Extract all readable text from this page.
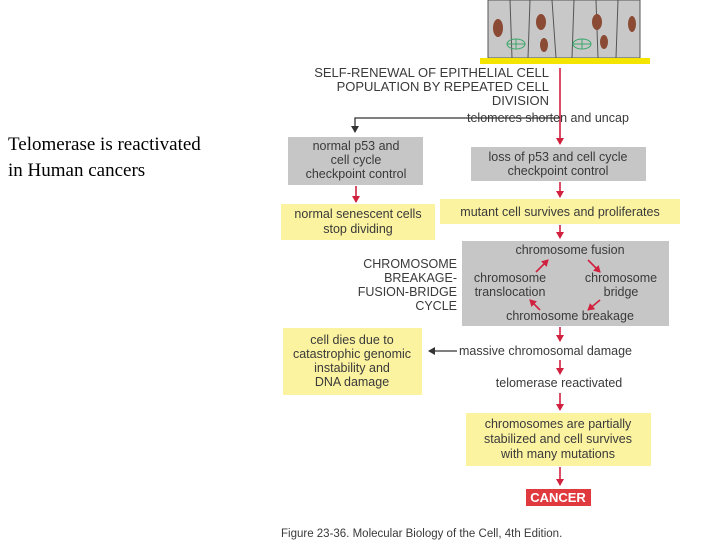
Telomerase is reactivated
in Human cancers
SELF-RENEWAL OF EPITHELIAL CELL
POPULATION BY REPEATED CELL
DIVISION
telomeres shorten and uncap
normal p53 and
cell cycle
checkpoint control
loss of p53 and cell cycle
checkpoint control
normal senescent cells
stop dividing
mutant cell survives and proliferates
CHROMOSOME
BREAKAGE-
FUSION-BRIDGE
CYCLE
chromosome fusion
chromosome
translocation
chromosome
bridge
chromosome breakage
massive chromosomal damage
cell dies due to
catastrophic genomic
instability and
DNA damage	telomerase reactivated
chromosomes are partially
stabilized and cell survives
with many mutations
CANCER
Figure 23-36. Molecular Biology of the Cell, 4th Edition.
